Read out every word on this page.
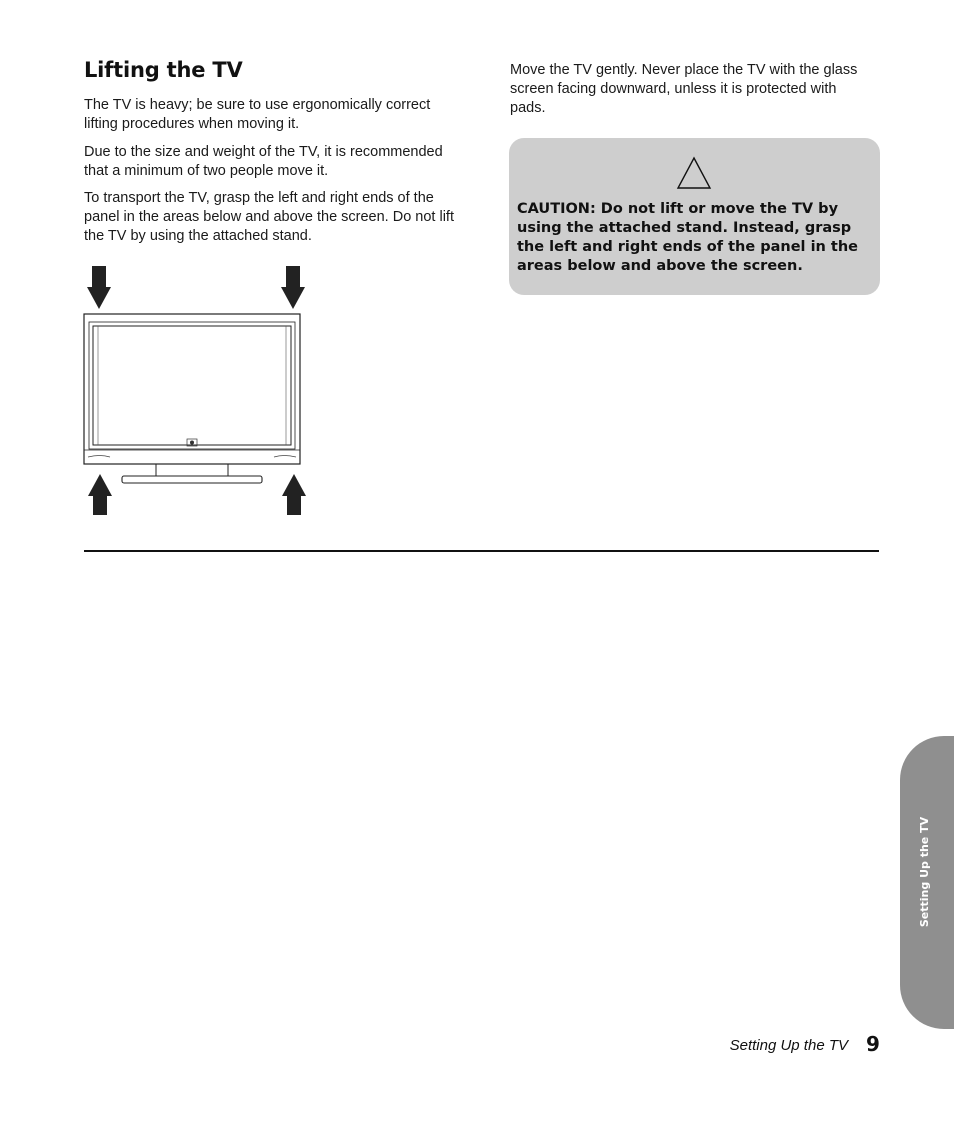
Lifting the TV

The TV is heavy; be sure to use ergonomically correct lifting procedures when moving it.

Due to the size and weight of the TV, it is recommended that a minimum of two people move it.

To transport the TV, grasp the left and right ends of the panel in the areas below and above the screen. Do not lift the TV by using the attached stand.

Move the TV gently. Never place the TV with the glass screen facing downward, unless it is protected with pads.

CAUTION: Do not lift or move the TV by using the attached stand. Instead, grasp the left and right ends of the panel in the areas below and above the screen.

Setting Up the TV
Setting Up the TV 9
